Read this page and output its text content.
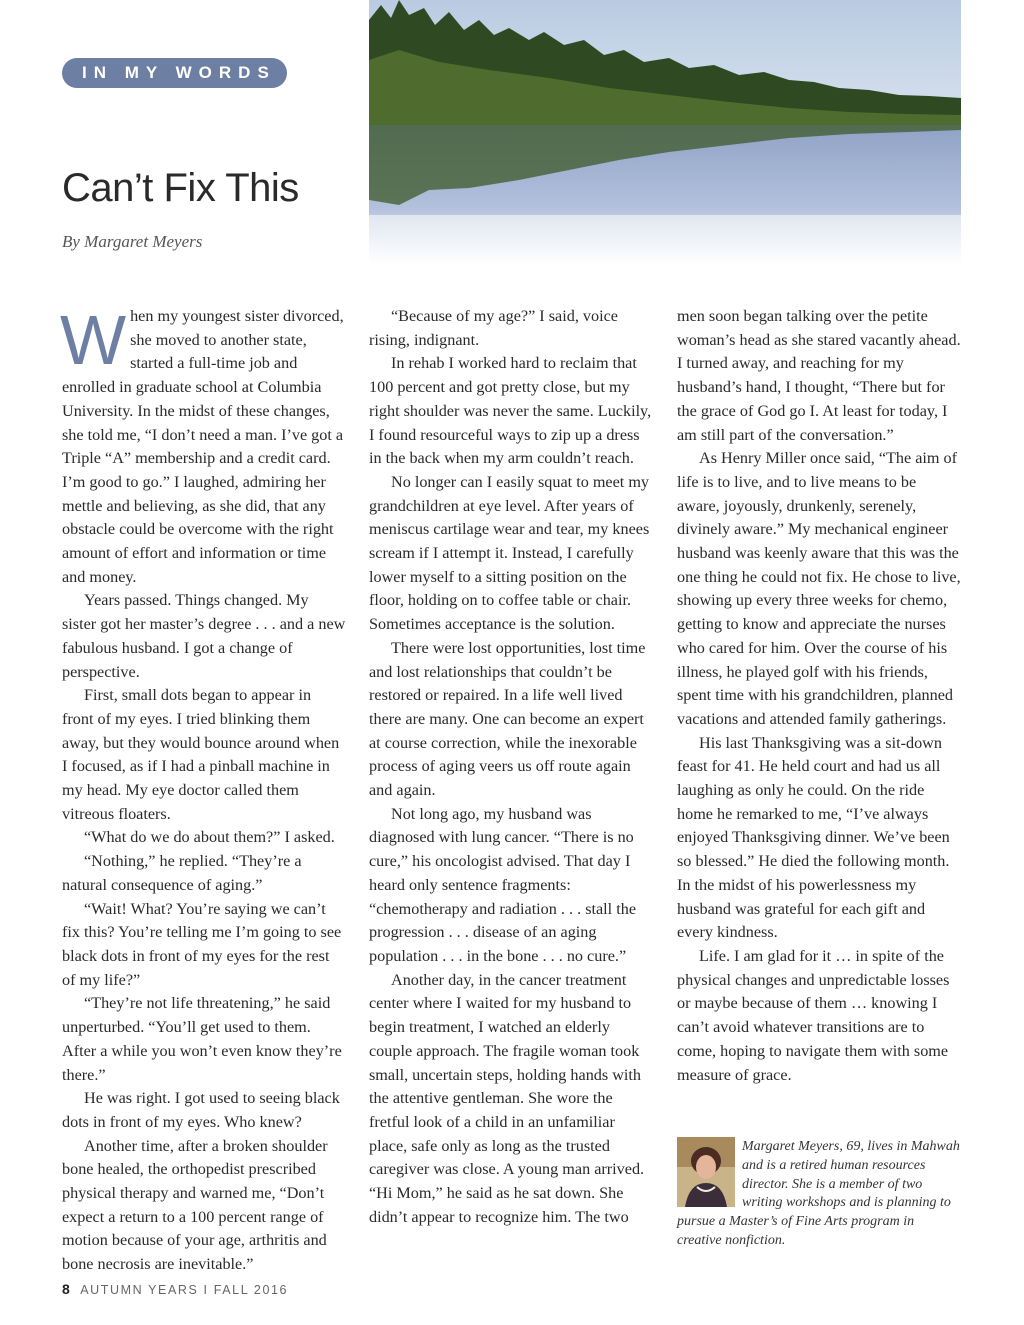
IN MY WORDS
Can’t Fix This
By Margaret Meyers

When my youngest sister divorced, she moved to another state, started a full-time job and enrolled in graduate school at Columbia University. In the midst of these changes, she told me, “I don’t need a man. I’ve got a Triple “A” membership and a credit card. I’m good to go.” I laughed, admiring her mettle and believing, as she did, that any obstacle could be overcome with the right amount of effort and information or time and money.

Years passed. Things changed. My sister got her master’s degree . . . and a new fabulous husband. I got a change of perspective.

First, small dots began to appear in front of my eyes. I tried blinking them away, but they would bounce around when I focused, as if I had a pinball machine in my head. My eye doctor called them vitreous floaters.

“What do we do about them?” I asked.

“Nothing,” he replied. “They’re a natural consequence of aging.”

“Wait! What? You’re saying we can’t fix this? You’re telling me I’m going to see black dots in front of my eyes for the rest of my life?”

“They’re not life threatening,” he said unperturbed. “You’ll get used to them. After a while you won’t even know they’re there.”

He was right. I got used to seeing black dots in front of my eyes. Who knew?

Another time, after a broken shoulder bone healed, the orthopedist prescribed physical therapy and warned me, “Don’t expect a return to a 100 percent range of motion because of your age, arthritis and bone necrosis are inevitable.”

“Because of my age?” I said, voice rising, indignant.

In rehab I worked hard to reclaim that 100 percent and got pretty close, but my right shoulder was never the same. Luckily, I found resourceful ways to zip up a dress in the back when my arm couldn’t reach.

No longer can I easily squat to meet my grandchildren at eye level. After years of meniscus cartilage wear and tear, my knees scream if I attempt it. Instead, I carefully lower myself to a sitting position on the floor, holding on to coffee table or chair. Sometimes acceptance is the solution.

There were lost opportunities, lost time and lost relationships that couldn’t be restored or repaired. In a life well lived there are many. One can become an expert at course correction, while the inexorable process of aging veers us off route again and again.

Not long ago, my husband was diagnosed with lung cancer. “There is no cure,” his oncologist advised. That day I heard only sentence fragments: “chemotherapy and radiation . . . stall the progression . . . disease of an aging population . . . in the bone . . . no cure.”

Another day, in the cancer treatment center where I waited for my husband to begin treatment, I watched an elderly couple approach. The fragile woman took small, uncertain steps, holding hands with the attentive gentleman. She wore the fretful look of a child in an unfamiliar place, safe only as long as the trusted caregiver was close. A young man arrived. “Hi Mom,” he said as he sat down. She didn’t appear to recognize him. The two

men soon began talking over the petite woman’s head as she stared vacantly ahead. I turned away, and reaching for my husband’s hand, I thought, “There but for the grace of God go I. At least for today, I am still part of the conversation.”

As Henry Miller once said, “The aim of life is to live, and to live means to be aware, joyously, drunkenly, serenely, divinely aware.” My mechanical engineer husband was keenly aware that this was the one thing he could not fix. He chose to live, showing up every three weeks for chemo, getting to know and appreciate the nurses who cared for him. Over the course of his illness, he played golf with his friends, spent time with his grandchildren, planned vacations and attended family gatherings.

His last Thanksgiving was a sit-down feast for 41. He held court and had us all laughing as only he could. On the ride home he remarked to me, “I’ve always enjoyed Thanksgiving dinner. We’ve been so blessed.” He died the following month. In the midst of his powerlessness my husband was grateful for each gift and every kindness.

Life. I am glad for it … in spite of the physical changes and unpredictable losses or maybe because of them … knowing I can’t avoid whatever transitions are to come, hoping to navigate them with some measure of grace.

Margaret Meyers, 69, lives in Mahwah and is a retired human resources director. She is a member of two writing workshops and is planning to pursue a Master’s of Fine Arts program in creative nonfiction.
8 AUTUMN YEARS I FALL 2016
